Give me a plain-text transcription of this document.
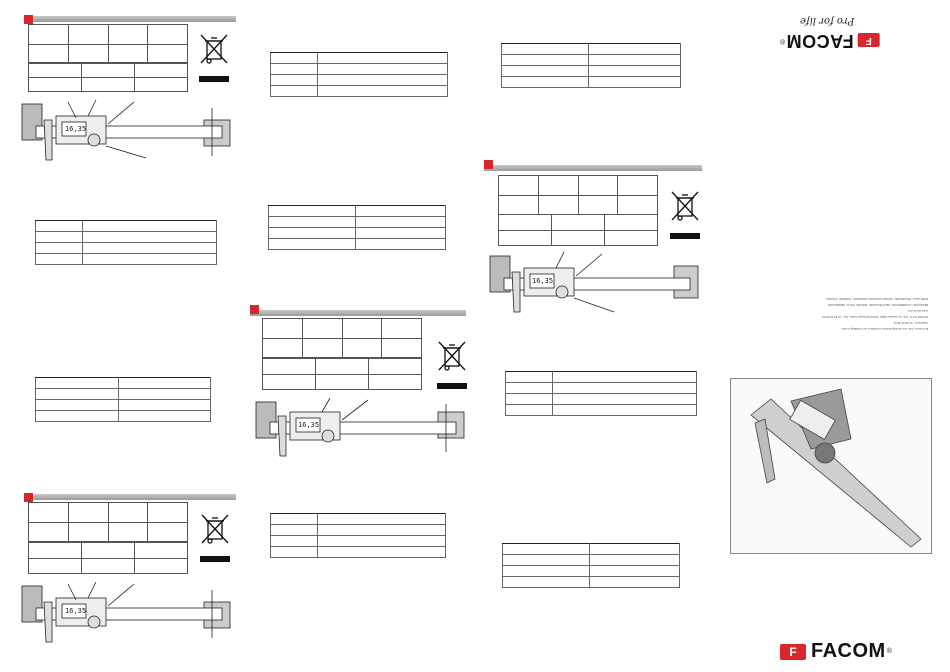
16,35

16,35

16,35

16,35

F
FACOM
®
Pro for life
En France, pour vos renseignements techniques sur l'outillage à main :
Téléphone : 01 64 54 45 14
FACOM S.A.S.  6-8, rue Gustave Eiffel  91423 Morangis Cedex  Fax : 01 64 54 45 00
www.facom.com
BELGIQUE / LUXEMBOURG  DEUTSCHLAND  ESPAÑA  ITALIA  NEDERLAND
PORTUGAL  SINGAPORE  UNITED KINGDOM  DANMARK  SVERIGE  POLSKA
F FACOM ®
